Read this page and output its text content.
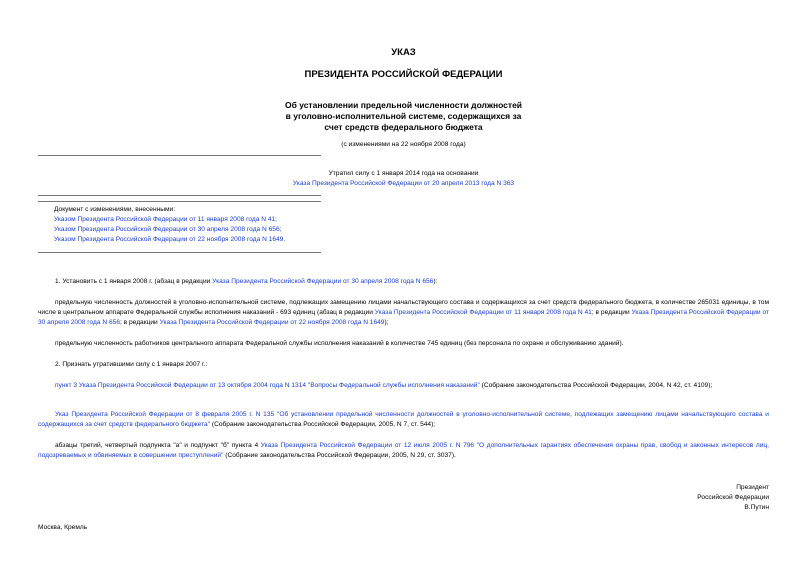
УКАЗ
ПРЕЗИДЕНТА РОССИЙСКОЙ ФЕДЕРАЦИИ
Об установлении предельной численности должностей
в уголовно-исполнительной системе, содержащихся за
счет средств федерального бюджета
(с изменениями на 22 ноября 2008 года)
Утратил силу с 1 января 2014 года на основании
Указа Президента Российской Федерации от 20 апреля 2013 года N 363
Документ с изменениями, внесенными:
Указом Президента Российской Федерации от 11 января 2008 года N 41;
Указом Президента Российской Федерации от 30 апреля 2008 года N 656;
Указом Президента Российской Федерации от 22 ноября 2008 года N 1649.
1. Установить с 1 января 2008 г. (абзац в редакции Указа Президента Российской Федерации от 30 апреля 2008 года N 656):
предельную численность должностей в уголовно-исполнительной системе, подлежащих замещению лицами начальствующего состава и содержащихся за счет средств федерального бюджета, в количестве 265031 единицы, в том числе в центральном аппарате Федеральной службы исполнения наказаний - 693 единиц (абзац в редакции Указа Президента Российской Федерации от 11 января 2008 года N 41; в редакции Указа Президента Российской Федерации от 30 апреля 2008 года N 656; в редакции Указа Президента Российской Федерации от 22 ноября 2008 года N 1649);
предельную численность работников центрального аппарата Федеральной службы исполнения наказаний в количестве 745 единиц (без персонала по охране и обслуживанию зданий).
2. Признать утратившими силу с 1 января 2007 г.:
пункт 3 Указа Президента Российской Федерации от 13 октября 2004 года N 1314 "Вопросы Федеральной службы исполнения наказаний" (Собрание законодательства Российской Федерации, 2004, N 42, ст. 4109);
Указ Президента Российской Федерации от 8 февраля 2005 г. N 135 "Об установлении предельной численности должностей в уголовно-исполнительной системе, подлежащих замещению лицами начальствующего состава и содержащихся за счет средств федерального бюджета" (Собрание законодательства Российской Федерации, 2005, N 7, ст. 544);
абзацы третий, четвертый подпункта "а" и подпункт "б" пункта 4 Указа Президента Российской Федерации от 12 июля 2005 г. N 796 "О дополнительных гарантиях обеспечения охраны прав, свобод и законных интересов лиц, подозреваемых и обвиняемых в совершении преступлений" (Собрание законодательства Российской Федерации, 2005, N 29, ст. 3037).
Президент
Российской Федерации
В.Путин
Москва, Кремль
